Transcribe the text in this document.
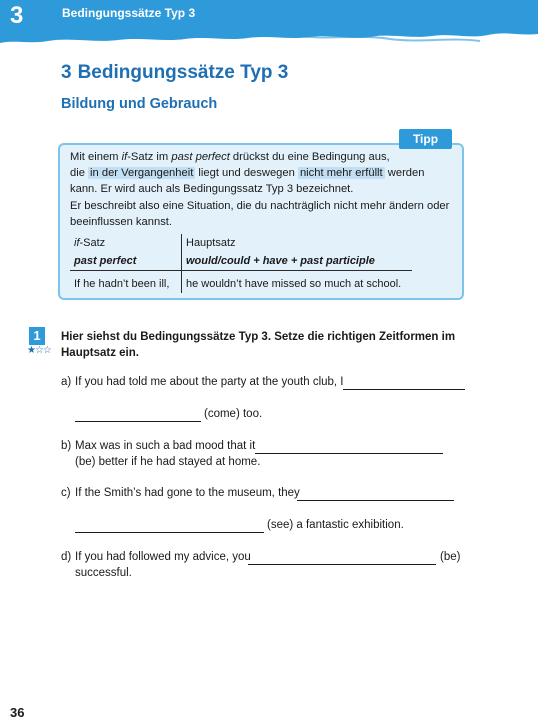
3	Bedingungssätze Typ 3
3 Bedingungssätze Typ 3
Bildung und Gebrauch
Tipp

Mit einem if-Satz im past perfect drückst du eine Bedingung aus,

die in der Vergangenheit liegt und deswegen nicht mehr erfüllt werden

kann. Er wird auch als Bedingungssatz Typ 3 bezeichnet.

Er beschreibt also eine Situation, die du nachträglich nicht mehr ändern oder beeinflussen kannst.

if-Satz	Hauptsatz
past perfect	would/could + have + past participle
If he hadn’t been ill,	he wouldn’t have missed so much at school.
1
★☆☆

Hier siehst du Bedingungssätze Typ 3. Setze die richtigen Zeitformen im Hauptsatz ein.

a) If you had told me about the party at the youth club, I
(come) too.
b) Max was in such a bad mood that it
(be) better if he had stayed at home.
c) If the Smith’s had gone to the museum, they
(see) a fantastic exhibition.
d) If you had followed my advice, you	(be)
successful.
36
